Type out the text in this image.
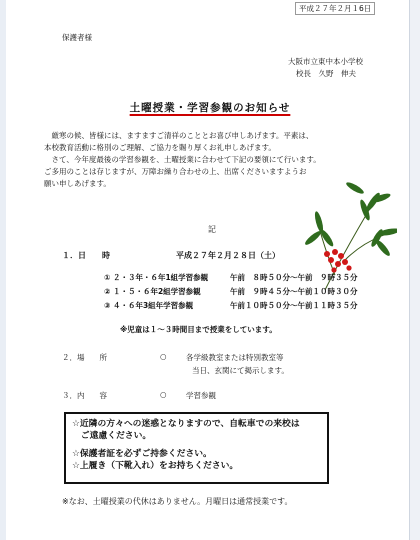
平成２７年２月１6日
保護者様
大阪市立東中本小学校
校長　久野　伸夫
土曜授業・学習参観のお知らせ
　厳寒の候、皆様には、ますますご清祥のこととお喜び申しあげます。平素は、
本校教育活動に格別のご理解、ご協力を賜り厚くお礼申しあげます。
　さて、今年度最後の学習参観を、土曜授業に合わせて下記の要領にて行います。
ご多用のことは存じますが、万障お繰り合わせの上、出席くださいますようお
願い申しあげます。
記
１．日　　時	平成２７年２月２８日（土）
① ２・３年・６年1組学習参観	午前　８時５０分～午前　９時３５分
② １・５・６年2組学習参観	午前　９時４５分～午前１０時３０分
③ ４・６年3組年学習参観	午前１０時５０分～午前１１時３５分
※児童は１～３時間目まで授業をしています。
２．場　　所	○	各学級教室または特別教室等
当日、玄関にて掲示します。
３．内　　容	○	学習参観
☆近隣の方々への迷惑となりますので、自転車での来校は
　ご遠慮ください。
☆保護者証を必ずご持参ください。
☆上履き（下靴入れ）をお持ちください。
※なお、土曜授業の代休はありません。月曜日は通常授業です。
